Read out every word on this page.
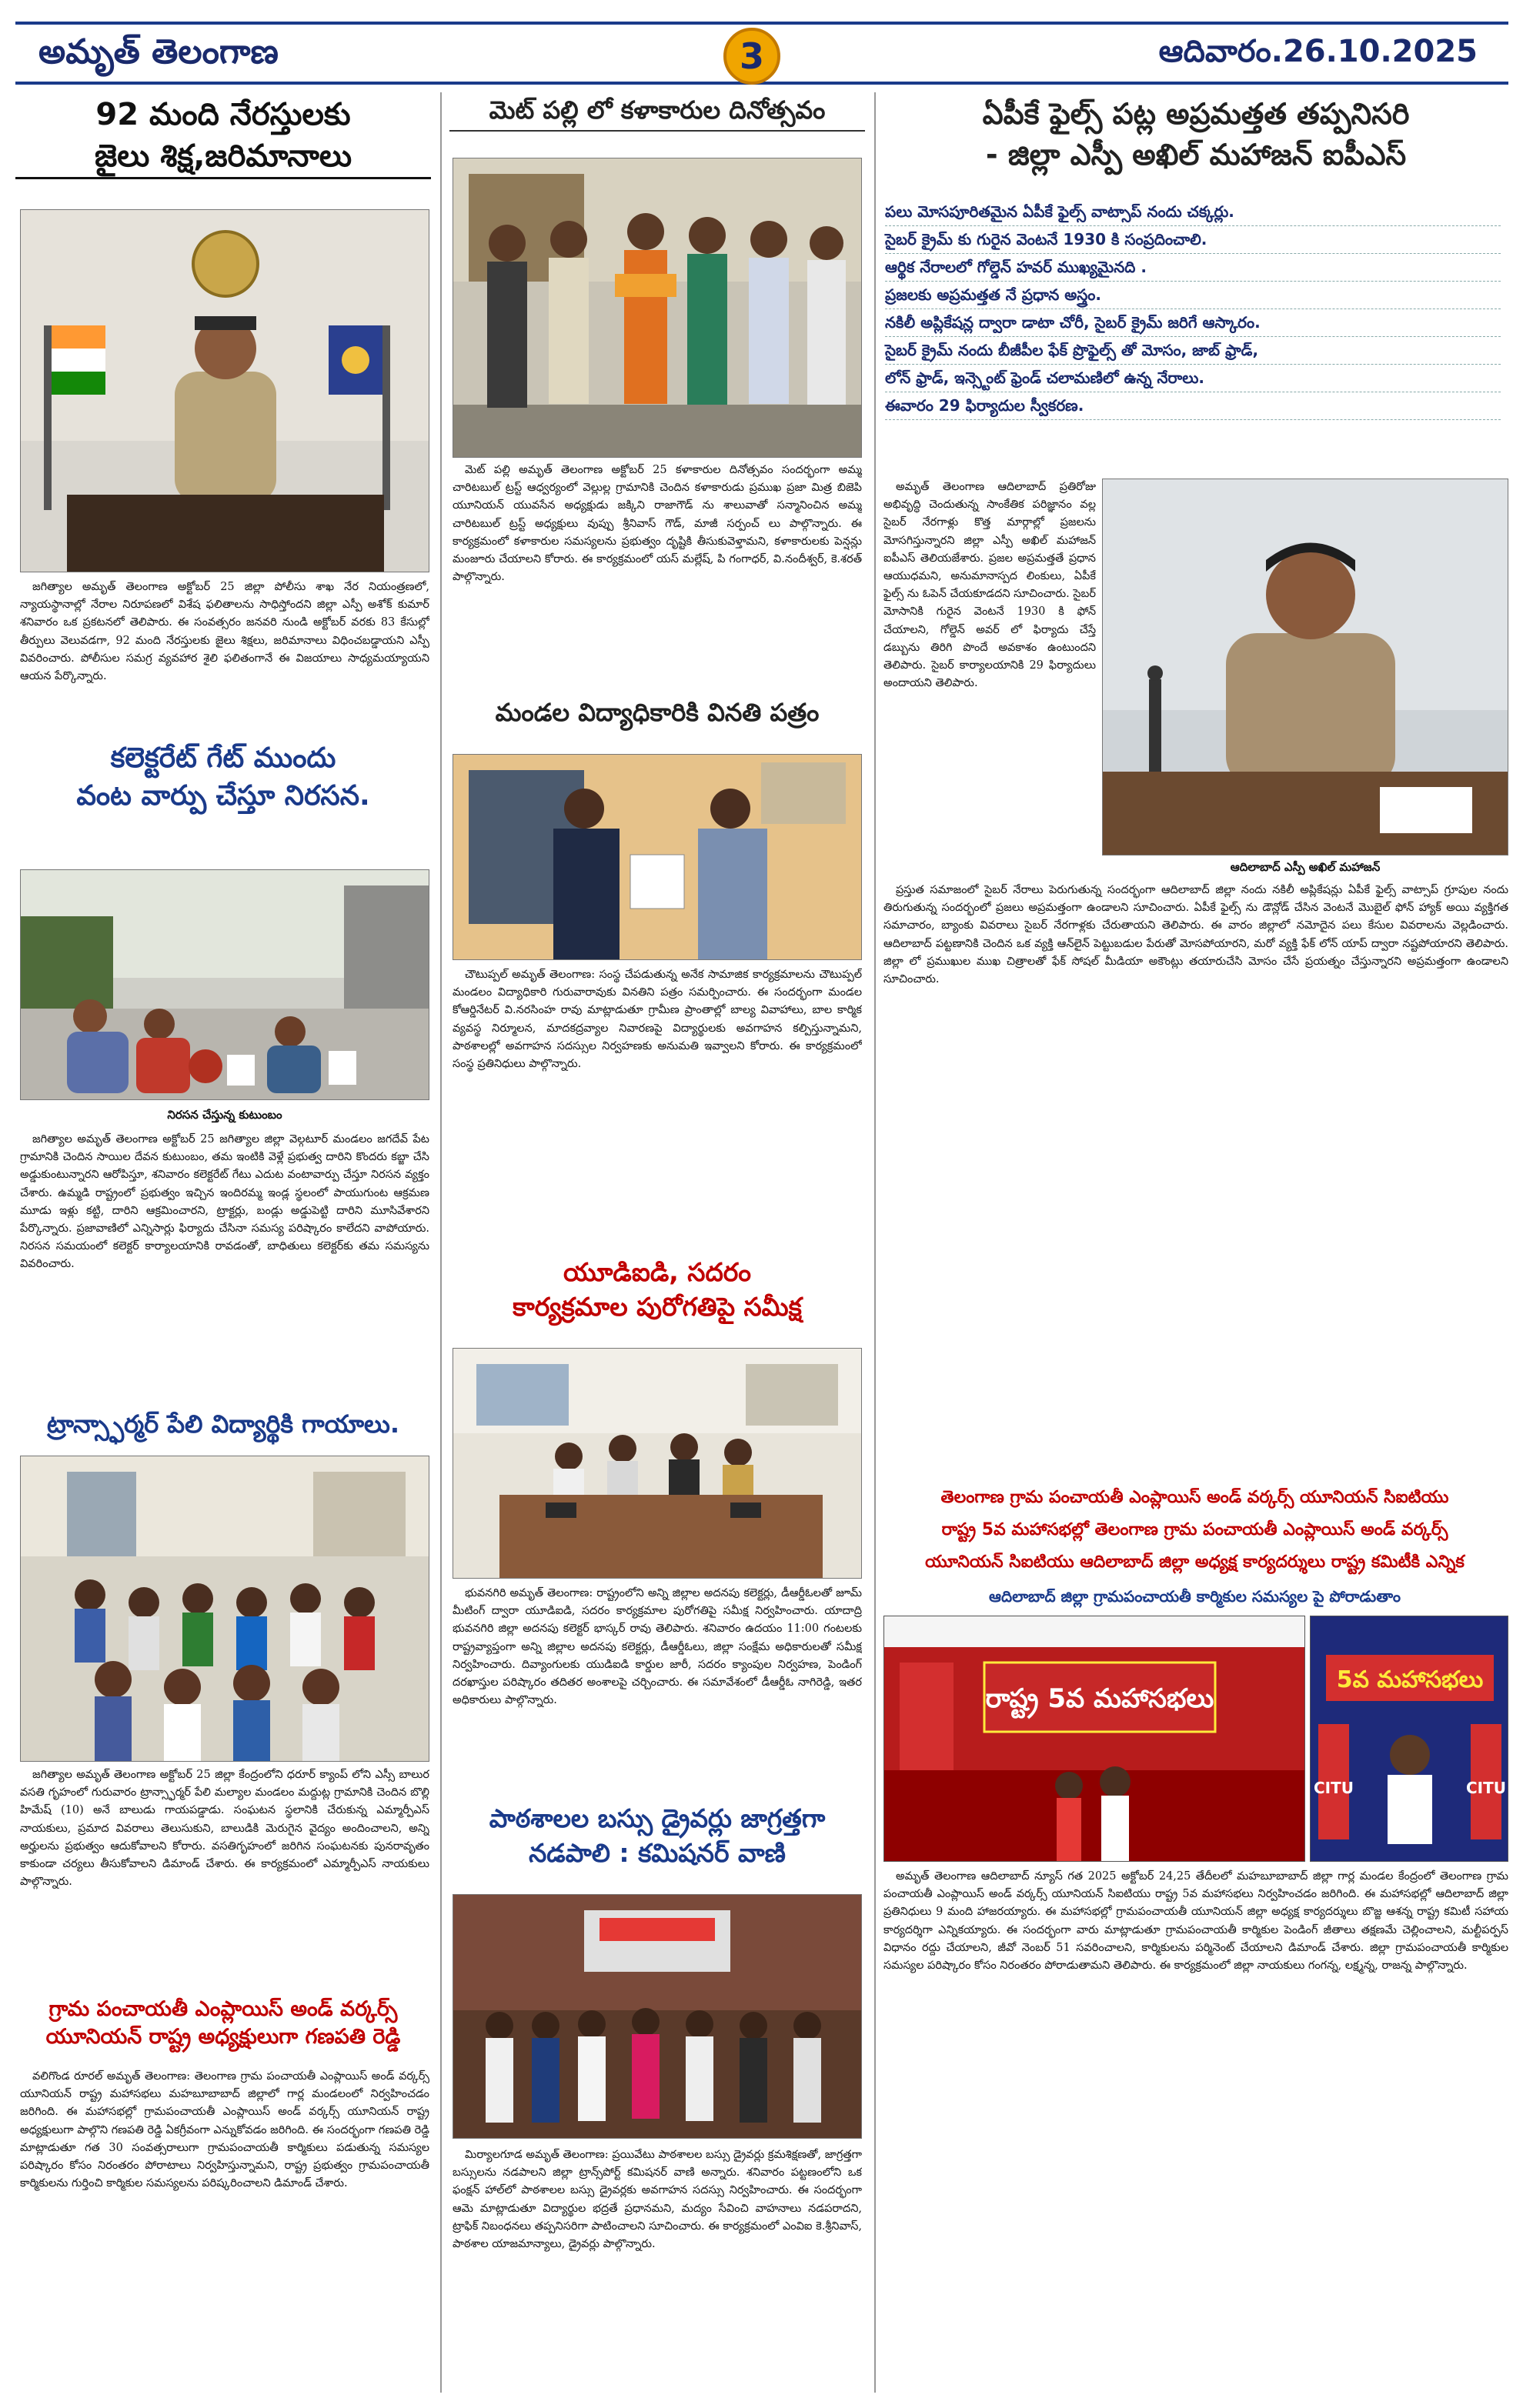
అమృత్ తెలంగాణ	3	ఆదివారం.26.10.2025
92 మంది నేరస్తులకు
జైలు శిక్ష,జరిమానాలు

జగిత్యాల అమృత్ తెలంగాణ అక్టోబర్ 25 జిల్లా పోలీసు శాఖ నేర నియంత్రణలో, న్యాయస్థానాల్లో నేరాల నిరూపణలో విశేష ఫలితాలను సాధిస్తోందని జిల్లా ఎస్పీ అశోక్ కుమార్ శనివారం ఒక ప్రకటనలో తెలిపారు. ఈ సంవత్సరం జనవరి నుండి అక్టోబర్ వరకు 83 కేసుల్లో తీర్పులు వెలువడగా, 92 మంది నేరస్తులకు జైలు శిక్షలు, జరిమానాలు విధించబడ్డాయని ఎస్పీ వివరించారు. పోలీసుల సమగ్ర వ్యవహార శైలి ఫలితంగానే ఈ విజయాలు సాధ్యమయ్యాయని ఆయన పేర్కొన్నారు.

కలెక్టరేట్ గేట్ ముందు
వంట వార్పు చేస్తూ నిరసన.
నిరసన చేస్తున్న కుటుంబం

జగిత్యాల అమృత్ తెలంగాణ అక్టోబర్ 25 జగిత్యాల జిల్లా వెల్గటూర్ మండలం జగదేవ్ పేట గ్రామానికి చెందిన సాయిల దేవన కుటుంబం, తమ ఇంటికి వెళ్లే ప్రభుత్వ దారిని కొందరు కబ్జా చేసి అడ్డుకుంటున్నారని ఆరోపిస్తూ, శనివారం కలెక్టరేట్ గేటు ఎదుట వంటావార్పు చేస్తూ నిరసన వ్యక్తం చేశారు. ఉమ్మడి రాష్ట్రంలో ప్రభుత్వం ఇచ్చిన ఇందిరమ్మ ఇండ్ల స్థలంలో పాయుగుంట ఆక్రమణ మూడు ఇళ్లు కట్టి, దారిని ఆక్రమించారని, ట్రాక్టర్లు, బండ్లు అడ్డుపెట్టి దారిని మూసివేశారని పేర్కొన్నారు. ప్రజావాణిలో ఎన్నిసార్లు ఫిర్యాదు చేసినా సమస్య పరిష్కారం కాలేదని వాపోయారు. నిరసన సమయంలో కలెక్టర్ కార్యాలయానికి రావడంతో, బాధితులు కలెక్టర్‌కు తమ సమస్యను వివరించారు.

ట్రాన్స్ఫార్మర్ పేలి విద్యార్థికి గాయాలు.

జగిత్యాల అమృత్ తెలంగాణ అక్టోబర్ 25 జిల్లా కేంద్రంలోని ధరూర్ క్యాంప్ లోని ఎస్సీ బాలుర వసతి గృహంలో గురువారం ట్రాన్స్ఫార్మర్ పేలి మల్యాల మండలం మద్దుట్ల గ్రామానికి చెందిన బొల్లి హిమేష్ (10) అనే బాలుడు గాయపడ్డాడు. సంఘటన స్థలానికి చేరుకున్న ఎమ్మార్పీఎస్ నాయకులు, ప్రమాద వివరాలు తెలుసుకుని, బాలుడికి మెరుగైన వైద్యం అందించాలని, అన్ని అర్హులను ప్రభుత్వం ఆదుకోవాలని కోరారు. వసతిగృహంలో జరిగిన సంఘటనకు పునరావృతం కాకుండా చర్యలు తీసుకోవాలని డిమాండ్ చేశారు. ఈ కార్యక్రమంలో ఎమ్మార్పీఎస్ నాయకులు పాల్గొన్నారు.

గ్రామ పంచాయతీ ఎంప్లాయిస్ అండ్ వర్కర్స్
యూనియన్ రాష్ట్ర అధ్యక్షులుగా గణపతి రెడ్డి

వలిగొండ రూరల్ అమృత్ తెలంగాణ: తెలంగాణ గ్రామ పంచాయతీ ఎంప్లాయిస్ అండ్ వర్కర్స్ యూనియన్ రాష్ట్ర మహాసభలు మహబూబాబాద్ జిల్లాలో గార్ల మండలంలో నిర్వహించడం జరిగింది. ఈ మహాసభల్లో గ్రామపంచాయతీ ఎంప్లాయిస్ అండ్ వర్కర్స్ యూనియన్ రాష్ట్ర అధ్యక్షులుగా పాల్గొని గణపతి రెడ్డి ఏకగ్రీవంగా ఎన్నుకోవడం జరిగింది. ఈ సందర్భంగా గణపతి రెడ్డి మాట్లాడుతూ గత 30 సంవత్సరాలుగా గ్రామపంచాయతీ కార్మికులు పడుతున్న సమస్యల పరిష్కారం కోసం నిరంతరం పోరాటాలు నిర్వహిస్తున్నామని, రాష్ట్ర ప్రభుత్వం గ్రామపంచాయతీ కార్మికులను గుర్తించి కార్మికుల సమస్యలను పరిష్కరించాలని డిమాండ్ చేశారు.

మెట్ పల్లి లో కళాకారుల దినోత్సవం

మెట్ పల్లి అమృత్ తెలంగాణ అక్టోబర్ 25 కళాకారుల దినోత్సవం సందర్భంగా అమ్మ చారిటబుల్ ట్రస్ట్ ఆధ్వర్యంలో వెల్లుల్ల గ్రామానికి చెందిన కళాకారుడు ప్రముఖ ప్రజా మిత్ర బిజెపి యూనియన్ యువసేన అధ్యక్షుడు జక్కిని రాజాగౌడ్ ను శాలువాతో సన్మానించిన అమ్మ చారిటబుల్ ట్రస్ట్ అధ్యక్షులు వుప్పు శ్రీనివాస్ గౌడ్, మాజీ సర్పంచ్ లు పాల్గొన్నారు. ఈ కార్యక్రమంలో కళాకారుల సమస్యలను ప్రభుత్వం దృష్టికి తీసుకువెళ్తామని, కళాకారులకు పెన్షన్లు మంజూరు చేయాలని కోరారు. ఈ కార్యక్రమంలో యస్ మల్లేష్, పి గంగాధర్, వి.నందీశ్వర్, కె.శరత్ పాల్గొన్నారు.

మండల విద్యాధికారికి వినతి పత్రం

చౌటుప్పల్ అమృత్ తెలంగాణ: సంస్థ చేపడుతున్న అనేక సామాజిక కార్యక్రమాలను చౌటుప్పల్ మండలం విద్యాధికారి గురువారావుకు వినతిని పత్రం సమర్పించారు. ఈ సందర్భంగా మండల కోఆర్డినేటర్ వి.నరసింహ రావు మాట్లాడుతూ గ్రామీణ ప్రాంతాల్లో బాల్య వివాహాలు, బాల కార్మిక వ్యవస్థ నిర్మూలన, మాదకద్రవ్యాల నివారణపై విద్యార్థులకు అవగాహన కల్పిస్తున్నామని, పాఠశాలల్లో అవగాహన సదస్సుల నిర్వహణకు అనుమతి ఇవ్వాలని కోరారు. ఈ కార్యక్రమంలో సంస్థ ప్రతినిధులు పాల్గొన్నారు.

యూడిఐడి, సదరం
కార్యక్రమాల పురోగతిపై సమీక్ష

భువనగిరి అమృత్ తెలంగాణ: రాష్ట్రంలోని అన్ని జిల్లాల అదనపు కలెక్టర్లు, డీఆర్డీఓలతో జూమ్ మీటింగ్ ద్వారా యూడిఐడి, సదరం కార్యక్రమాల పురోగతిపై సమీక్ష నిర్వహించారు. యాదాద్రి భువనగిరి జిల్లా అదనపు కలెక్టర్ భాస్కర్ రావు తెలిపారు. శనివారం ఉదయం 11:00 గంటలకు రాష్ట్రవ్యాప్తంగా అన్ని జిల్లాల అదనపు కలెక్టర్లు, డీఆర్డీఓలు, జిల్లా సంక్షేమ అధికారులతో సమీక్ష నిర్వహించారు. దివ్యాంగులకు యుడిఐడి కార్డుల జారీ, సదరం క్యాంపుల నిర్వహణ, పెండింగ్ దరఖాస్తుల పరిష్కారం తదితర అంశాలపై చర్చించారు. ఈ సమావేశంలో డీఆర్డీఓ నాగిరెడ్డి, ఇతర అధికారులు పాల్గొన్నారు.

పాఠశాలల బస్సు డ్రైవర్లు జాగ్రత్తగా
నడపాలి : కమిషనర్ వాణి

మిర్యాలగూడ అమృత్ తెలంగాణ: ప్రయివేటు పాఠశాలల బస్సు డ్రైవర్లు క్రమశిక్షణతో, జాగ్రత్తగా బస్సులను నడపాలని జిల్లా ట్రాన్స్‌పోర్ట్ కమిషనర్ వాణి అన్నారు. శనివారం పట్టణంలోని ఒక ఫంక్షన్ హాల్‌లో పాఠశాలల బస్సు డ్రైవర్లకు అవగాహన సదస్సు నిర్వహించారు. ఈ సందర్భంగా ఆమె మాట్లాడుతూ విద్యార్థుల భద్రతే ప్రధానమని, మద్యం సేవించి వాహనాలు నడపరాదని, ట్రాఫిక్ నిబంధనలు తప్పనిసరిగా పాటించాలని సూచించారు. ఈ కార్యక్రమంలో ఎంవిఐ కె.శ్రీనివాస్, పాఠశాల యాజమాన్యాలు, డ్రైవర్లు పాల్గొన్నారు.

ఏపీకే ఫైల్స్ పట్ల అప్రమత్తత తప్పనిసరి
- జిల్లా ఎస్పీ అఖిల్ మహాజన్ ఐపీఎస్
పలు మోసపూరితమైన ఏపీకే ఫైల్స్ వాట్సాప్ నందు చక్కర్లు.
సైబర్ క్రైమ్ కు గురైన వెంటనే 1930 కి సంప్రదించాలి.
ఆర్థిక నేరాలలో గోల్డెన్ హవర్ ముఖ్యమైనది .
ప్రజలకు అప్రమత్తత నే ప్రధాన అస్త్రం.
నకిలీ అప్లికేషన్ల ద్వారా డాటా చోరీ, సైబర్ క్రైమ్ జరిగే ఆస్కారం.
సైబర్ క్రైమ్ నందు బీజీపీల ఫేక్ ప్రొఫైల్స్ తో మోసం, జాబ్ ఫ్రాడ్,
లోన్ ఫ్రాడ్, ఇన్స్టెంట్ ఫ్రెండ్ చలామణిలో ఉన్న నేరాలు.
ఈవారం 29 ఫిర్యాదుల స్వీకరణ.

అమృత్ తెలంగాణ ఆదిలాబాద్ ప్రతిరోజు అభివృద్ధి చెందుతున్న సాంకేతిక పరిజ్ఞానం వల్ల సైబర్ నేరగాళ్లు కొత్త మార్గాల్లో ప్రజలను మోసగిస్తున్నారని జిల్లా ఎస్పీ అఖిల్ మహాజన్ ఐపీఎస్ తెలియజేశారు. ప్రజల అప్రమత్తతే ప్రధాన ఆయుధమని, అనుమానాస్పద లింకులు, ఏపీకే ఫైల్స్ ను ఓపెన్ చేయకూడదని సూచించారు. సైబర్ మోసానికి గురైన వెంటనే 1930 కి ఫోన్ చేయాలని, గోల్డెన్ అవర్ లో ఫిర్యాదు చేస్తే డబ్బును తిరిగి పొందే అవకాశం ఉంటుందని తెలిపారు. సైబర్ కార్యాలయానికి 29 ఫిర్యాదులు అందాయని తెలిపారు.

ఆదిలాబాద్ ఎస్పీ అఖిల్ మహాజన్

ప్రస్తుత సమాజంలో సైబర్ నేరాలు పెరుగుతున్న సందర్భంగా ఆదిలాబాద్ జిల్లా నందు నకిలీ అప్లికేషన్లు ఏపీకే ఫైల్స్ వాట్సాప్ గ్రూపుల నందు తిరుగుతున్న సందర్భంలో ప్రజలు అప్రమత్తంగా ఉండాలని సూచించారు. ఏపీకే ఫైల్స్ ను డౌన్లోడ్ చేసిన వెంటనే మొబైల్ ఫోన్ హ్యాక్ అయి వ్యక్తిగత సమాచారం, బ్యాంకు వివరాలు సైబర్ నేరగాళ్లకు చేరుతాయని తెలిపారు. ఈ వారం జిల్లాలో నమోదైన పలు కేసుల వివరాలను వెల్లడించారు. ఆదిలాబాద్ పట్టణానికి చెందిన ఒక వ్యక్తి ఆన్‌లైన్ పెట్టుబడుల పేరుతో మోసపోయారని, మరో వ్యక్తి ఫేక్ లోన్ యాప్ ద్వారా నష్టపోయారని తెలిపారు. జిల్లా లో ప్రముఖుల ముఖ చిత్రాలతో ఫేక్ సోషల్ మీడియా అకౌంట్లు తయారుచేసి మోసం చేసే ప్రయత్నం చేస్తున్నారని అప్రమత్తంగా ఉండాలని సూచించారు.

తెలంగాణ గ్రామ పంచాయతీ ఎంప్లాయిస్ అండ్ వర్కర్స్ యూనియన్ సిఐటియు
రాష్ట్ర 5వ మహాసభల్లో తెలంగాణ గ్రామ పంచాయతీ ఎంప్లాయిస్ అండ్ వర్కర్స్
యూనియన్ సిఐటియు ఆదిలాబాద్ జిల్లా అధ్యక్ష కార్యదర్శులు రాష్ట్ర కమిటీకి ఎన్నిక
ఆదిలాబాద్ జిల్లా గ్రామపంచాయతీ కార్మికుల సమస్యల పై పోరాడుతాం
రాష్ట్ర 5వ మహాసభలు
5వ మహాసభలు
CITU	CITU

అమృత్ తెలంగాణ ఆదిలాబాద్ న్యూస్ గత 2025 అక్టోబర్ 24,25 తేదీలలో మహబూబాబాద్ జిల్లా గార్ల మండల కేంద్రంలో తెలంగాణ గ్రామ పంచాయతీ ఎంప్లాయిస్ అండ్ వర్కర్స్ యూనియన్ సిఐటియు రాష్ట్ర 5వ మహాసభలు నిర్వహించడం జరిగింది. ఈ మహాసభల్లో ఆదిలాబాద్ జిల్లా ప్రతినిధులు 9 మంది హాజరయ్యారు. ఈ మహాసభల్లో గ్రామపంచాయతీ యూనియన్ జిల్లా అధ్యక్ష కార్యదర్శులు బొజ్జ ఆశన్న రాష్ట్ర కమిటీ సహాయ కార్యదర్శిగా ఎన్నికయ్యారు. ఈ సందర్భంగా వారు మాట్లాడుతూ గ్రామపంచాయతీ కార్మికుల పెండింగ్ జీతాలు తక్షణమే చెల్లించాలని, మల్టీపర్పస్ విధానం రద్దు చేయాలని, జీవో నెంబర్ 51 సవరించాలని, కార్మికులను పర్మినెంట్ చేయాలని డిమాండ్ చేశారు. జిల్లా గ్రామపంచాయతీ కార్మికుల సమస్యల పరిష్కారం కోసం నిరంతరం పోరాడుతామని తెలిపారు. ఈ కార్యక్రమంలో జిల్లా నాయకులు గంగన్న, లక్ష్మన్న, రాజన్న పాల్గొన్నారు.
